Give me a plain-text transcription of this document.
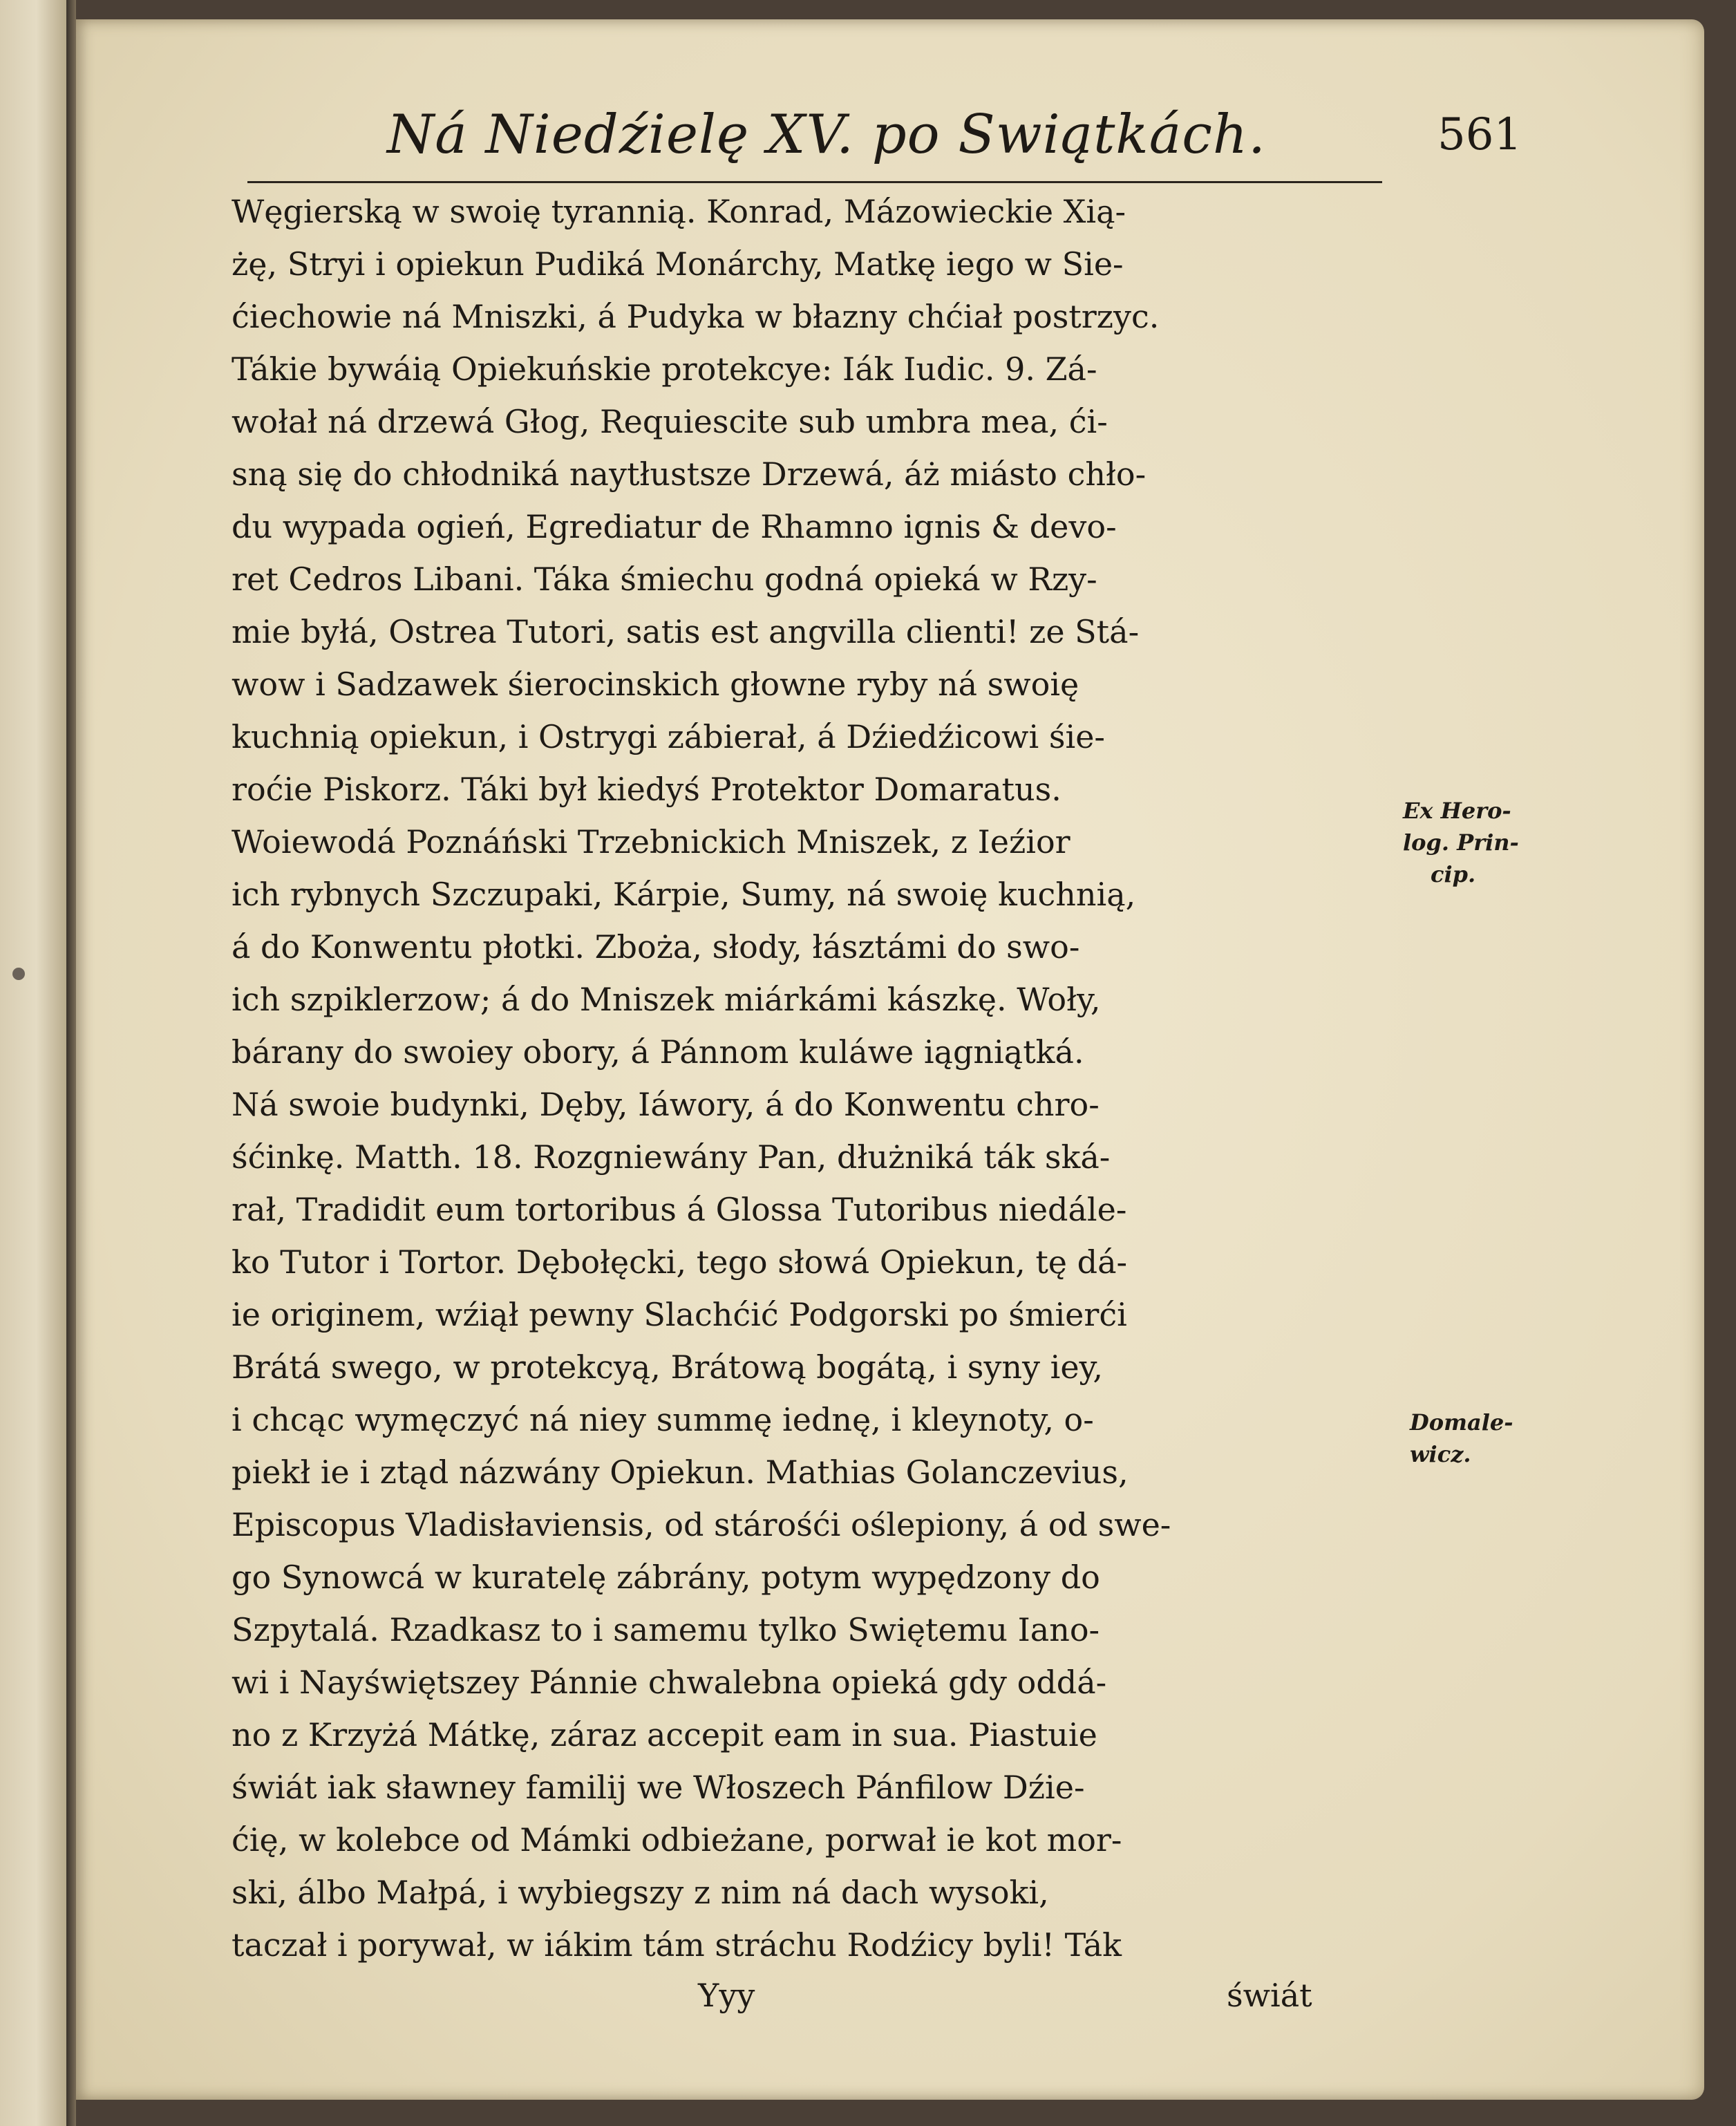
Ná Niedźielę XV. po Swiątkách.	561
Węgierską w swoię tyrannią. Konrad, Mázowieckie Xią-
żę, Stryi i opiekun Pudiká Monárchy, Matkę iego w Sie-
ćiechowie ná Mniszki, á Pudyka w błazny chćiał postrzyc.
Tákie bywáią Opiekuńskie protekcye: Iák Iudic. 9. Zá-
wołał ná drzewá Głog, Requiescite sub umbra mea, ći-
sną się do chłodniká naytłustsze Drzewá, áż miásto chło-
du wypada ogień, Egrediatur de Rhamno ignis & devo-
ret Cedros Libani. Táka śmiechu godná opieká w Rzy-
mie byłá, Ostrea Tutori, satis est angvilla clienti! ze Stá-
wow i Sadzawek śierocinskich głowne ryby ná swoię
kuchnią opiekun, i Ostrygi zábierał, á Dźiedźicowi śie-
roćie Piskorz. Táki był kiedyś Protektor Domaratus.
Woiewodá Poznáński Trzebnickich Mniszek, z Ieźior
ich rybnych Szczupaki, Kárpie, Sumy, ná swoię kuchnią,
á do Konwentu płotki. Zboża, słody, łásztámi do swo-
ich szpiklerzow; á do Mniszek miárkámi kászkę. Woły,
bárany do swoiey obory, á Pánnom kuláwe iągniątká.
Ná swoie budynki, Dęby, Iáwory, á do Konwentu chro-
śćinkę. Matth. 18. Rozgniewány Pan, dłużniká ták ská-
rał, Tradidit eum tortoribus á Glossa Tutoribus niedále-
ko Tutor i Tortor. Dębołęcki, tego słowá Opiekun, tę dá-
ie originem, wźiął pewny Slachćić Podgorski po śmierći
Brátá swego, w protekcyą, Brátową bogátą, i syny iey,
i chcąc wymęczyć ná niey summę iednę, i kleynoty, o-
piekł ie i ztąd názwány Opiekun. Mathias Golanczevius,
Episcopus Vladisłaviensis, od stárośći oślepiony, á od swe-
go Synowcá w kuratelę zábrány, potym wypędzony do
Szpytalá. Rzadkasz to i samemu tylko Swiętemu Iano-
wi i Nayświętszey Pánnie chwalebna opieká gdy oddá-
no z Krzyżá Mátkę, záraz accepit eam in sua. Piastuie
świát iak sławney familij we Włoszech Pánfilow Dźie-
ćię, w kolebce od Mámki odbieżane, porwał ie kot mor-
ski, álbo Małpá, i wybiegszy z nim ná dach wysoki,
taczał i porywał, w iákim tám stráchu Rodźicy byli! Ták
Ex Hero-
log. Prin-
cip.
Domale-
wicz.
Yyy	świát
